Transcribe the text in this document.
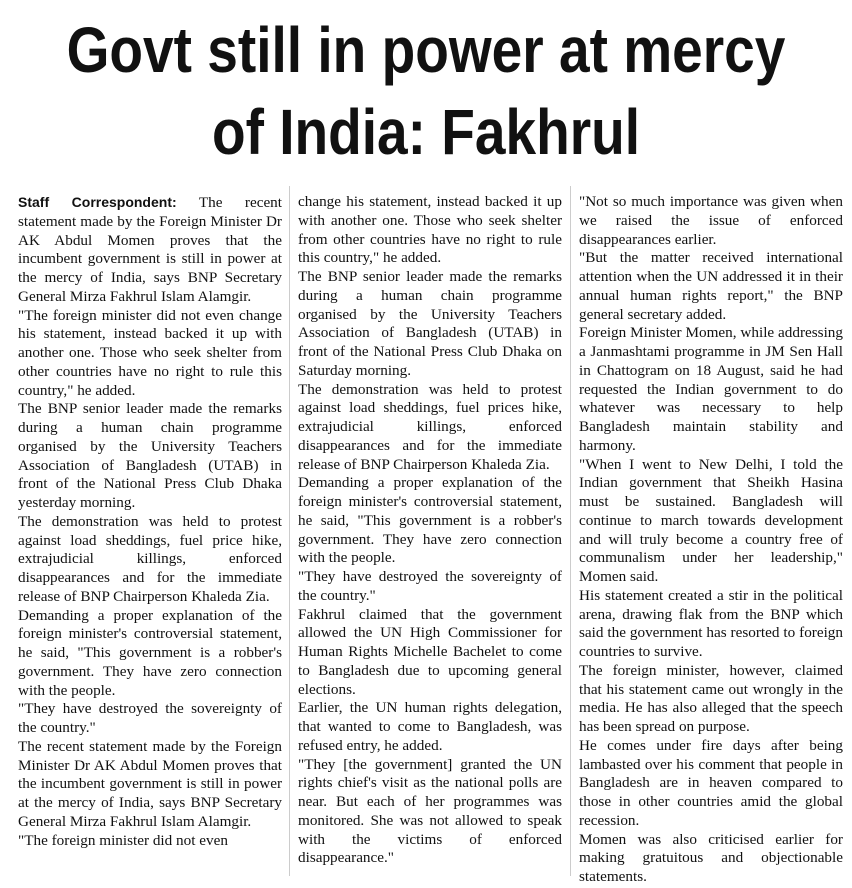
Govt still in power at mercy
of India: Fakhrul

Staff Correspondent: The recent statement made by the Foreign Minister Dr AK Abdul Momen proves that the incumbent government is still in power at the mercy of India, says BNP Secretary General Mirza Fakhrul Islam Alamgir.

"The foreign minister did not even change his statement, instead backed it up with another one. Those who seek shelter from other countries have no right to rule this country," he added.

The BNP senior leader made the remarks during a human chain programme organised by the University Teachers Association of Bangladesh (UTAB) in front of the National Press Club Dhaka yesterday morning.

The demonstration was held to protest against load sheddings, fuel price hike, extrajudicial killings, enforced disappearances and for the immediate release of BNP Chairperson Khaleda Zia.

Demanding a proper explanation of the foreign minister's controversial statement, he said, "This government is a robber's government. They have zero connection with the people.

"They have destroyed the sovereignty of the country."

The recent statement made by the Foreign Minister Dr AK Abdul Momen proves that the incumbent government is still in power at the mercy of India, says BNP Secretary General Mirza Fakhrul Islam Alamgir.

"The foreign minister did not even

change his statement, instead backed it up with another one. Those who seek shelter from other countries have no right to rule this country," he added.

The BNP senior leader made the remarks during a human chain programme organised by the University Teachers Association of Bangladesh (UTAB) in front of the National Press Club Dhaka on Saturday morning.

The demonstration was held to protest against load sheddings, fuel prices hike, extrajudicial killings, enforced disappearances and for the immediate release of BNP Chairperson Khaleda Zia.

Demanding a proper explanation of the foreign minister's controversial statement, he said, "This government is a robber's government. They have zero connection with the people.

"They have destroyed the sovereignty of the country."

Fakhrul claimed that the government allowed the UN High Commissioner for Human Rights Michelle Bachelet to come to Bangladesh due to upcoming general elections.

Earlier, the UN human rights delegation, that wanted to come to Bangladesh, was refused entry, he added.

"They [the government] granted the UN rights chief's visit as the national polls are near. But each of her programmes was monitored. She was not allowed to speak with the victims of enforced disappearance."

"Not so much importance was given when we raised the issue of enforced disappearances earlier.

"But the matter received international attention when the UN addressed it in their annual human rights report," the BNP general secretary added.

Foreign Minister Momen, while addressing a Janmashtami programme in JM Sen Hall in Chattogram on 18 August, said he had requested the Indian government to do whatever was necessary to help Bangladesh maintain stability and harmony.

"When I went to New Delhi, I told the Indian government that Sheikh Hasina must be sustained. Bangladesh will continue to march towards development and will truly become a country free of communalism under her leadership," Momen said.

His statement created a stir in the political arena, drawing flak from the BNP which said the government has resorted to foreign countries to survive.

The foreign minister, however, claimed that his statement came out wrongly in the media. He has also alleged that the speech has been spread on purpose.

He comes under fire days after being lambasted over his comment that people in Bangladesh are in heaven compared to those in other countries amid the global recession.

Momen was also criticised earlier for making gratuitous and objectionable statements.
